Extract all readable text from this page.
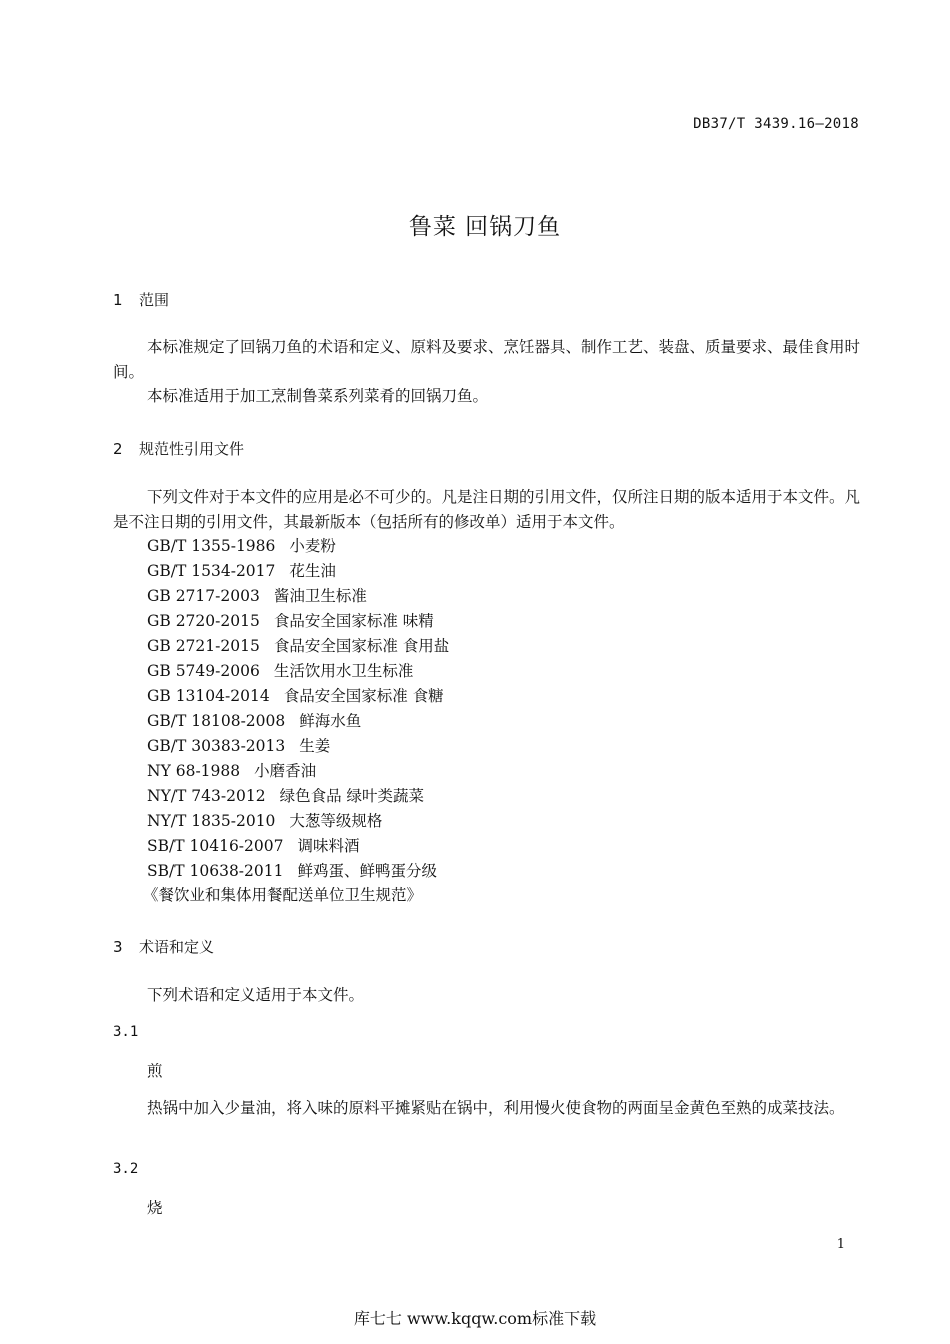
DB37/T 3439.16—2018
鲁菜 回锅刀鱼
1 范围
本标准规定了回锅刀鱼的术语和定义、原料及要求、烹饪器具、制作工艺、装盘、质量要求、最佳食用时间。
本标准适用于加工烹制鲁菜系列菜肴的回锅刀鱼。
2 规范性引用文件
下列文件对于本文件的应用是必不可少的。凡是注日期的引用文件，仅所注日期的版本适用于本文件。凡是不注日期的引用文件，其最新版本（包括所有的修改单）适用于本文件。
GB/T 1355-1986 小麦粉
GB/T 1534-2017 花生油
GB 2717-2003 酱油卫生标准
GB 2720-2015 食品安全国家标准 味精
GB 2721-2015 食品安全国家标准 食用盐
GB 5749-2006 生活饮用水卫生标准
GB 13104-2014 食品安全国家标准 食糖
GB/T 18108-2008 鲜海水鱼
GB/T 30383-2013 生姜
NY 68-1988 小磨香油
NY/T 743-2012 绿色食品 绿叶类蔬菜
NY/T 1835-2010 大葱等级规格
SB/T 10416-2007 调味料酒
SB/T 10638-2011 鲜鸡蛋、鲜鸭蛋分级
《餐饮业和集体用餐配送单位卫生规范》
3 术语和定义
下列术语和定义适用于本文件。
3.1
煎
热锅中加入少量油，将入味的原料平摊紧贴在锅中，利用慢火使食物的两面呈金黄色至熟的成菜技法。
3.2
烧
1
库七七 www.kqqw.com标准下载
